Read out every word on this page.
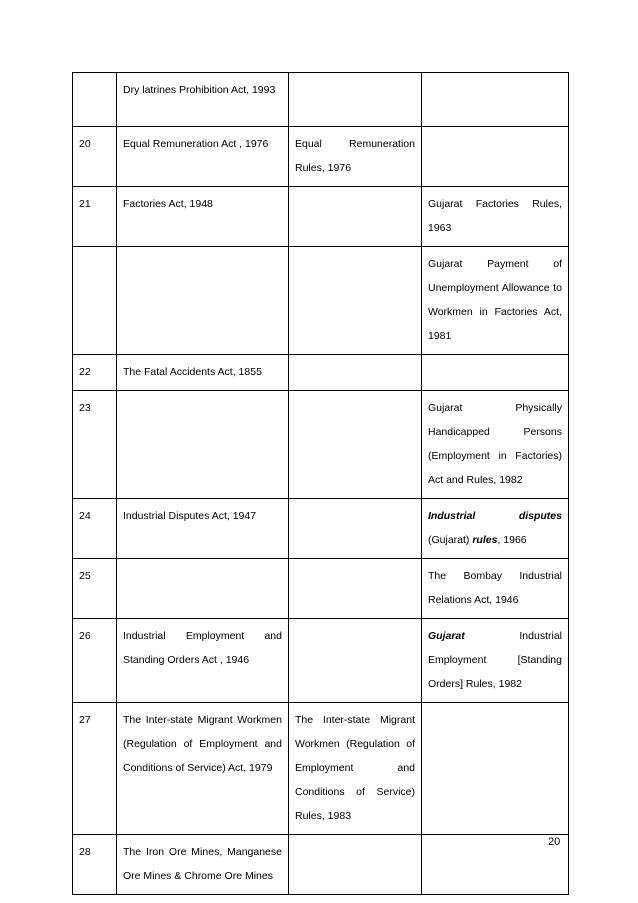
	Dry latrines Prohibition Act, 1993		
20	Equal Remuneration Act , 1976	Equal Remuneration Rules, 1976	
21	Factories Act, 1948		Gujarat Factories Rules, 1963
			Gujarat Payment of Unemployment Allowance to Workmen in Factories Act, 1981
22	The Fatal Accidents Act, 1855		
23			Gujarat Physically Handicapped Persons (Employment in Factories) Act and Rules, 1982
24	Industrial Disputes Act, 1947		Industrial disputes (Gujarat) rules, 1966
25			The Bombay Industrial Relations Act, 1946
26	Industrial Employment and Standing Orders Act , 1946		Gujarat Industrial Employment [Standing Orders] Rules, 1982
27	The Inter-state Migrant Workmen (Regulation of Employment and Conditions of Service) Act, 1979	The Inter-state Migrant Workmen (Regulation of Employment and Conditions of Service) Rules, 1983	
28	The Iron Ore Mines, Manganese Ore Mines & Chrome Ore Mines		
20
